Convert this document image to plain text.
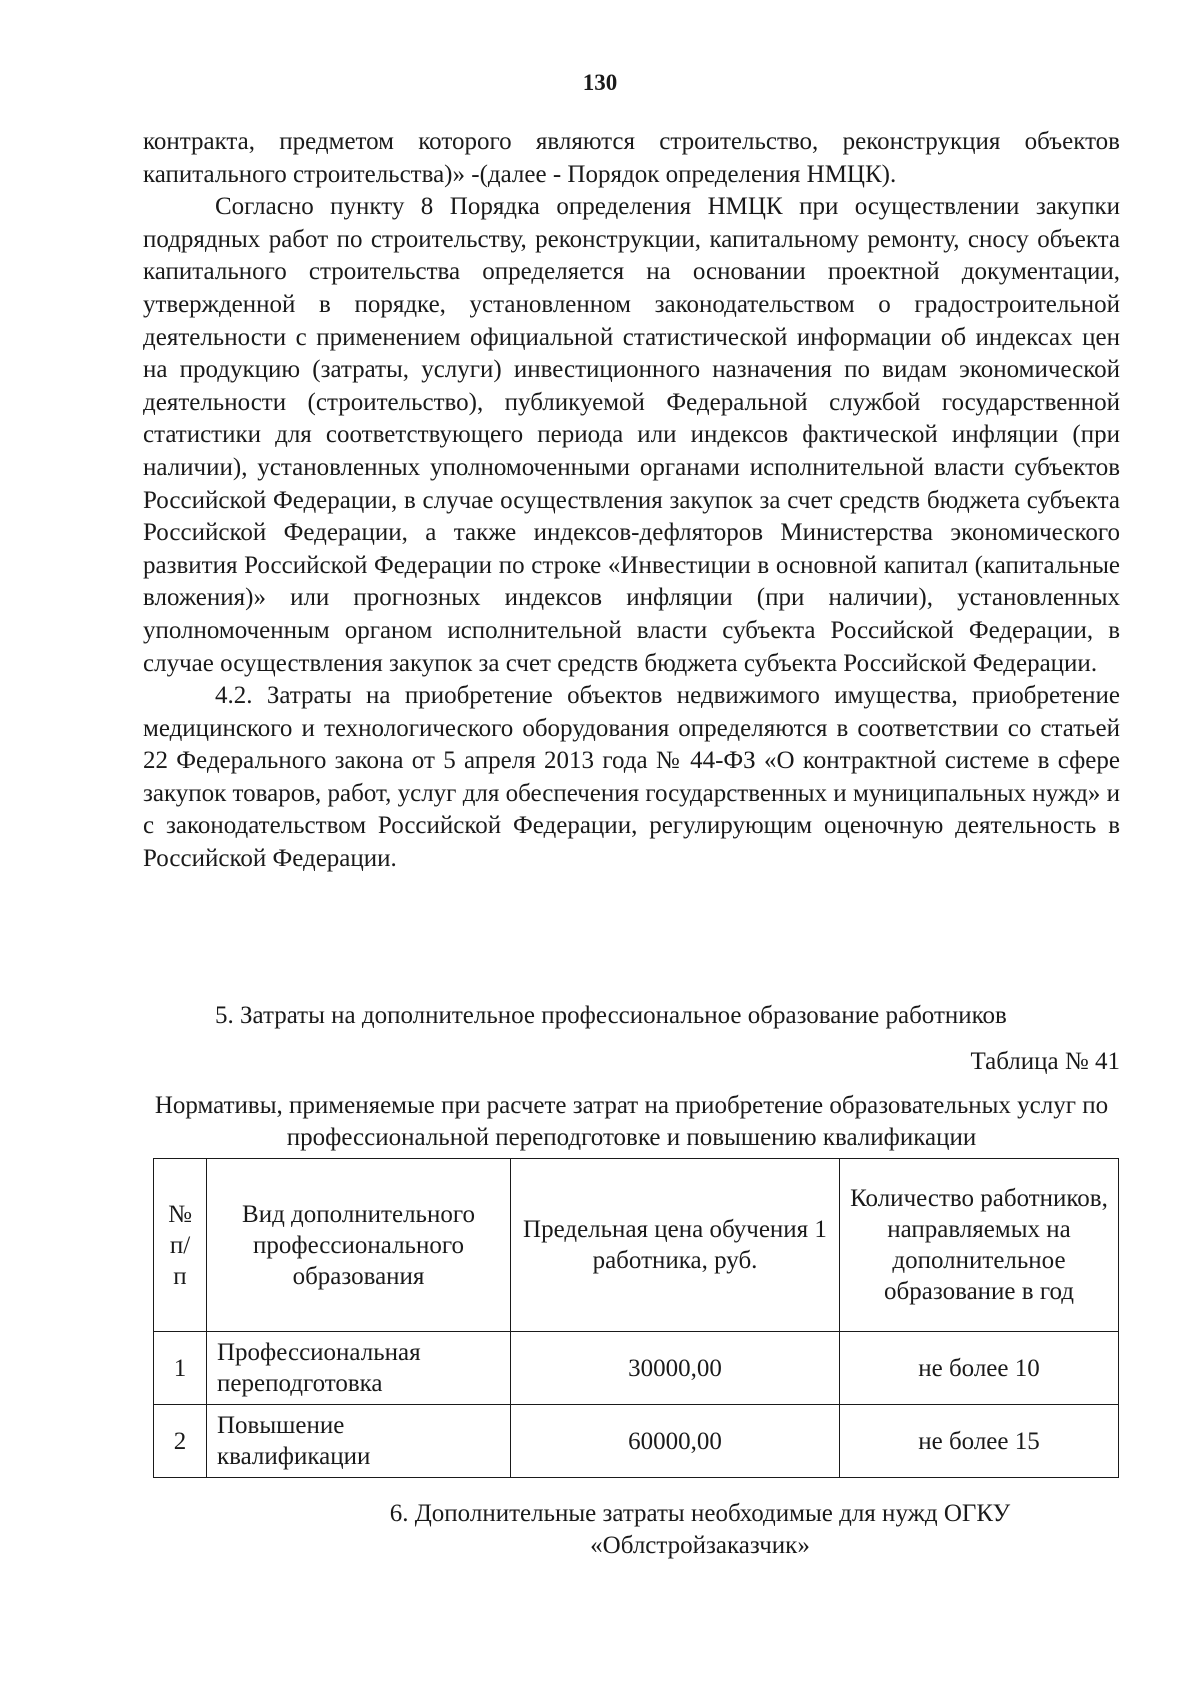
130

контракта, предметом которого являются строительство, реконструкция объектов капитального строительства)» -(далее - Порядок определения НМЦК).

Согласно пункту 8 Порядка определения НМЦК при осуществлении закупки подрядных работ по строительству, реконструкции, капитальному ремонту, сносу объекта капитального строительства определяется на основании проектной документации, утвержденной в порядке, установленном законодательством о градостроительной деятельности с применением официальной статистической информации об индексах цен на продукцию (затраты, услуги) инвестиционного назначения по видам экономической деятельности (строительство), публикуемой Федеральной службой государственной статистики для соответствующего периода или индексов фактической инфляции (при наличии), установленных уполномоченными органами исполнительной власти субъектов Российской Федерации, в случае осуществления закупок за счет средств бюджета субъекта Российской Федерации, а также индексов-дефляторов Министерства экономического развития Российской Федерации по строке «Инвестиции в основной капитал (капитальные вложения)» или прогнозных индексов инфляции (при наличии), установленных уполномоченным органом исполнительной власти субъекта Российской Федерации, в случае осуществления закупок за счет средств бюджета субъекта Российской Федерации.

4.2. Затраты на приобретение объектов недвижимого имущества, приобретение медицинского и технологического оборудования определяются в соответствии со статьей 22 Федерального закона от 5 апреля 2013 года № 44-ФЗ «О контрактной системе в сфере закупок товаров, работ, услуг для обеспечения государственных и муниципальных нужд» и с законодательством Российской Федерации, регулирующим оценочную деятельность в Российской Федерации.

5. Затраты на дополнительное профессиональное образование работников
Таблица № 41
Нормативы, применяемые при расчете затрат на приобретение образовательных услуг по профессиональной переподготовке и повышению квалификации
№ п/п	Вид дополнительного профессионального образования	Предельная цена обучения 1 работника, руб.	Количество работников, направляемых на дополнительное образование в год
1	Профессиональная переподготовка	30000,00	не более 10
2	Повышение квалификации	60000,00	не более 15
6. Дополнительные затраты необходимые для нужд ОГКУ
«Облстройзаказчик»
